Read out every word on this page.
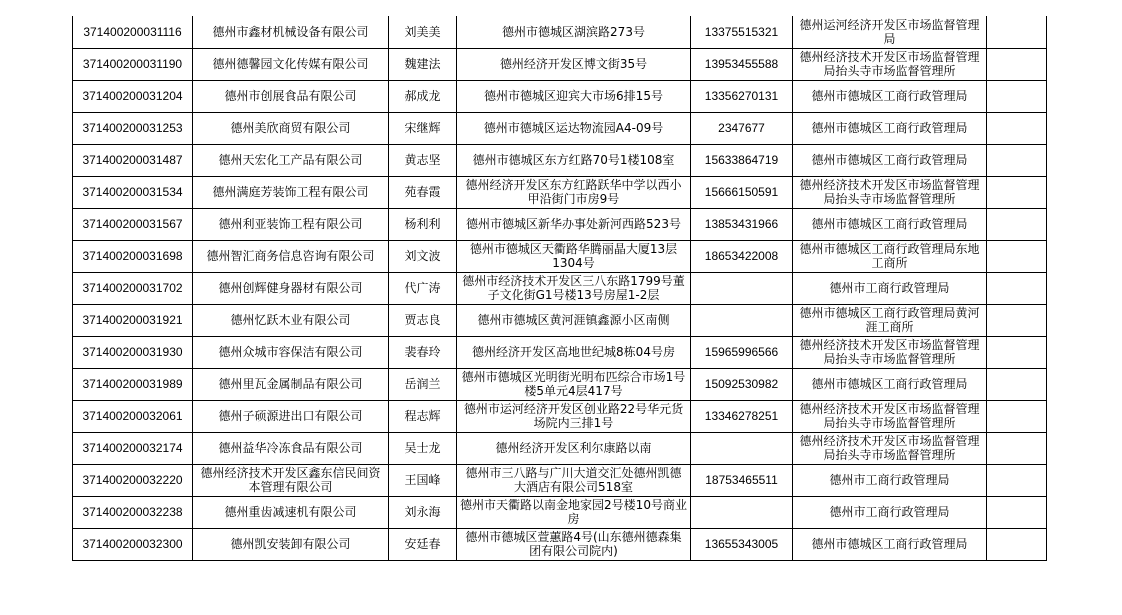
371400200031116	德州市鑫材机械设备有限公司	刘美美	德州市德城区湖滨路273号	13375515321	德州运河经济开发区市场监督管理局	
371400200031190	德州德馨园文化传媒有限公司	魏建法	德州经济开发区博文街35号	13953455588	德州经济技术开发区市场监督管理局抬头寺市场监督管理所	
371400200031204	德州市创展食品有限公司	郝成龙	德州市德城区迎宾大市场6排15号	13356270131	德州市德城区工商行政管理局	
371400200031253	德州美欣商贸有限公司	宋继辉	德州市德城区运达物流园A4-09号	2347677	德州市德城区工商行政管理局	
371400200031487	德州天宏化工产品有限公司	黄志坚	德州市德城区东方红路70号1楼108室	15633864719	德州市德城区工商行政管理局	
371400200031534	德州满庭芳装饰工程有限公司	苑春霞	德州经济开发区东方红路跃华中学以西小甲沿街门市房9号	15666150591	德州经济技术开发区市场监督管理局抬头寺市场监督管理所	
371400200031567	德州利亚装饰工程有限公司	杨利利	德州市德城区新华办事处新河西路523号	13853431966	德州市德城区工商行政管理局	
371400200031698	德州智汇商务信息咨询有限公司	刘文波	德州市德城区天衢路华腾丽晶大厦13层1304号	18653422008	德州市德城区工商行政管理局东地工商所	
371400200031702	德州创辉健身器材有限公司	代广涛	德州市经济技术开发区三八东路1799号董子文化街G1号楼13号房屋1-2层		德州市工商行政管理局	
371400200031921	德州忆跃木业有限公司	贾志良	德州市德城区黄河涯镇鑫源小区南侧		德州市德城区工商行政管理局黄河涯工商所	
371400200031930	德州众城市容保洁有限公司	裴春玲	德州经济开发区高地世纪城8栋04号房	15965996566	德州经济技术开发区市场监督管理局抬头寺市场监督管理所	
371400200031989	德州里瓦金属制品有限公司	岳润兰	德州市德城区光明街光明布匹综合市场1号楼5单元4层417号	15092530982	德州市德城区工商行政管理局	
371400200032061	德州子硕源进出口有限公司	程志辉	德州市运河经济开发区创业路22号华元货场院内三排1号	13346278251	德州经济技术开发区市场监督管理局抬头寺市场监督管理所	
371400200032174	德州益华冷冻食品有限公司	吴士龙	德州经济开发区利尔康路以南		德州经济技术开发区市场监督管理局抬头寺市场监督管理所	
371400200032220	德州经济技术开发区鑫东信民间资本管理有限公司	王国峰	德州市三八路与广川大道交汇处德州凯德大酒店有限公司518室	18753465511	德州市工商行政管理局	
371400200032238	德州重齿减速机有限公司	刘永海	德州市天衢路以南金地家园2号楼10号商业房		德州市工商行政管理局	
371400200032300	德州凯安装卸有限公司	安廷春	德州市德城区萱蕙路4号(山东德州德森集团有限公司院内)	13655343005	德州市德城区工商行政管理局	
